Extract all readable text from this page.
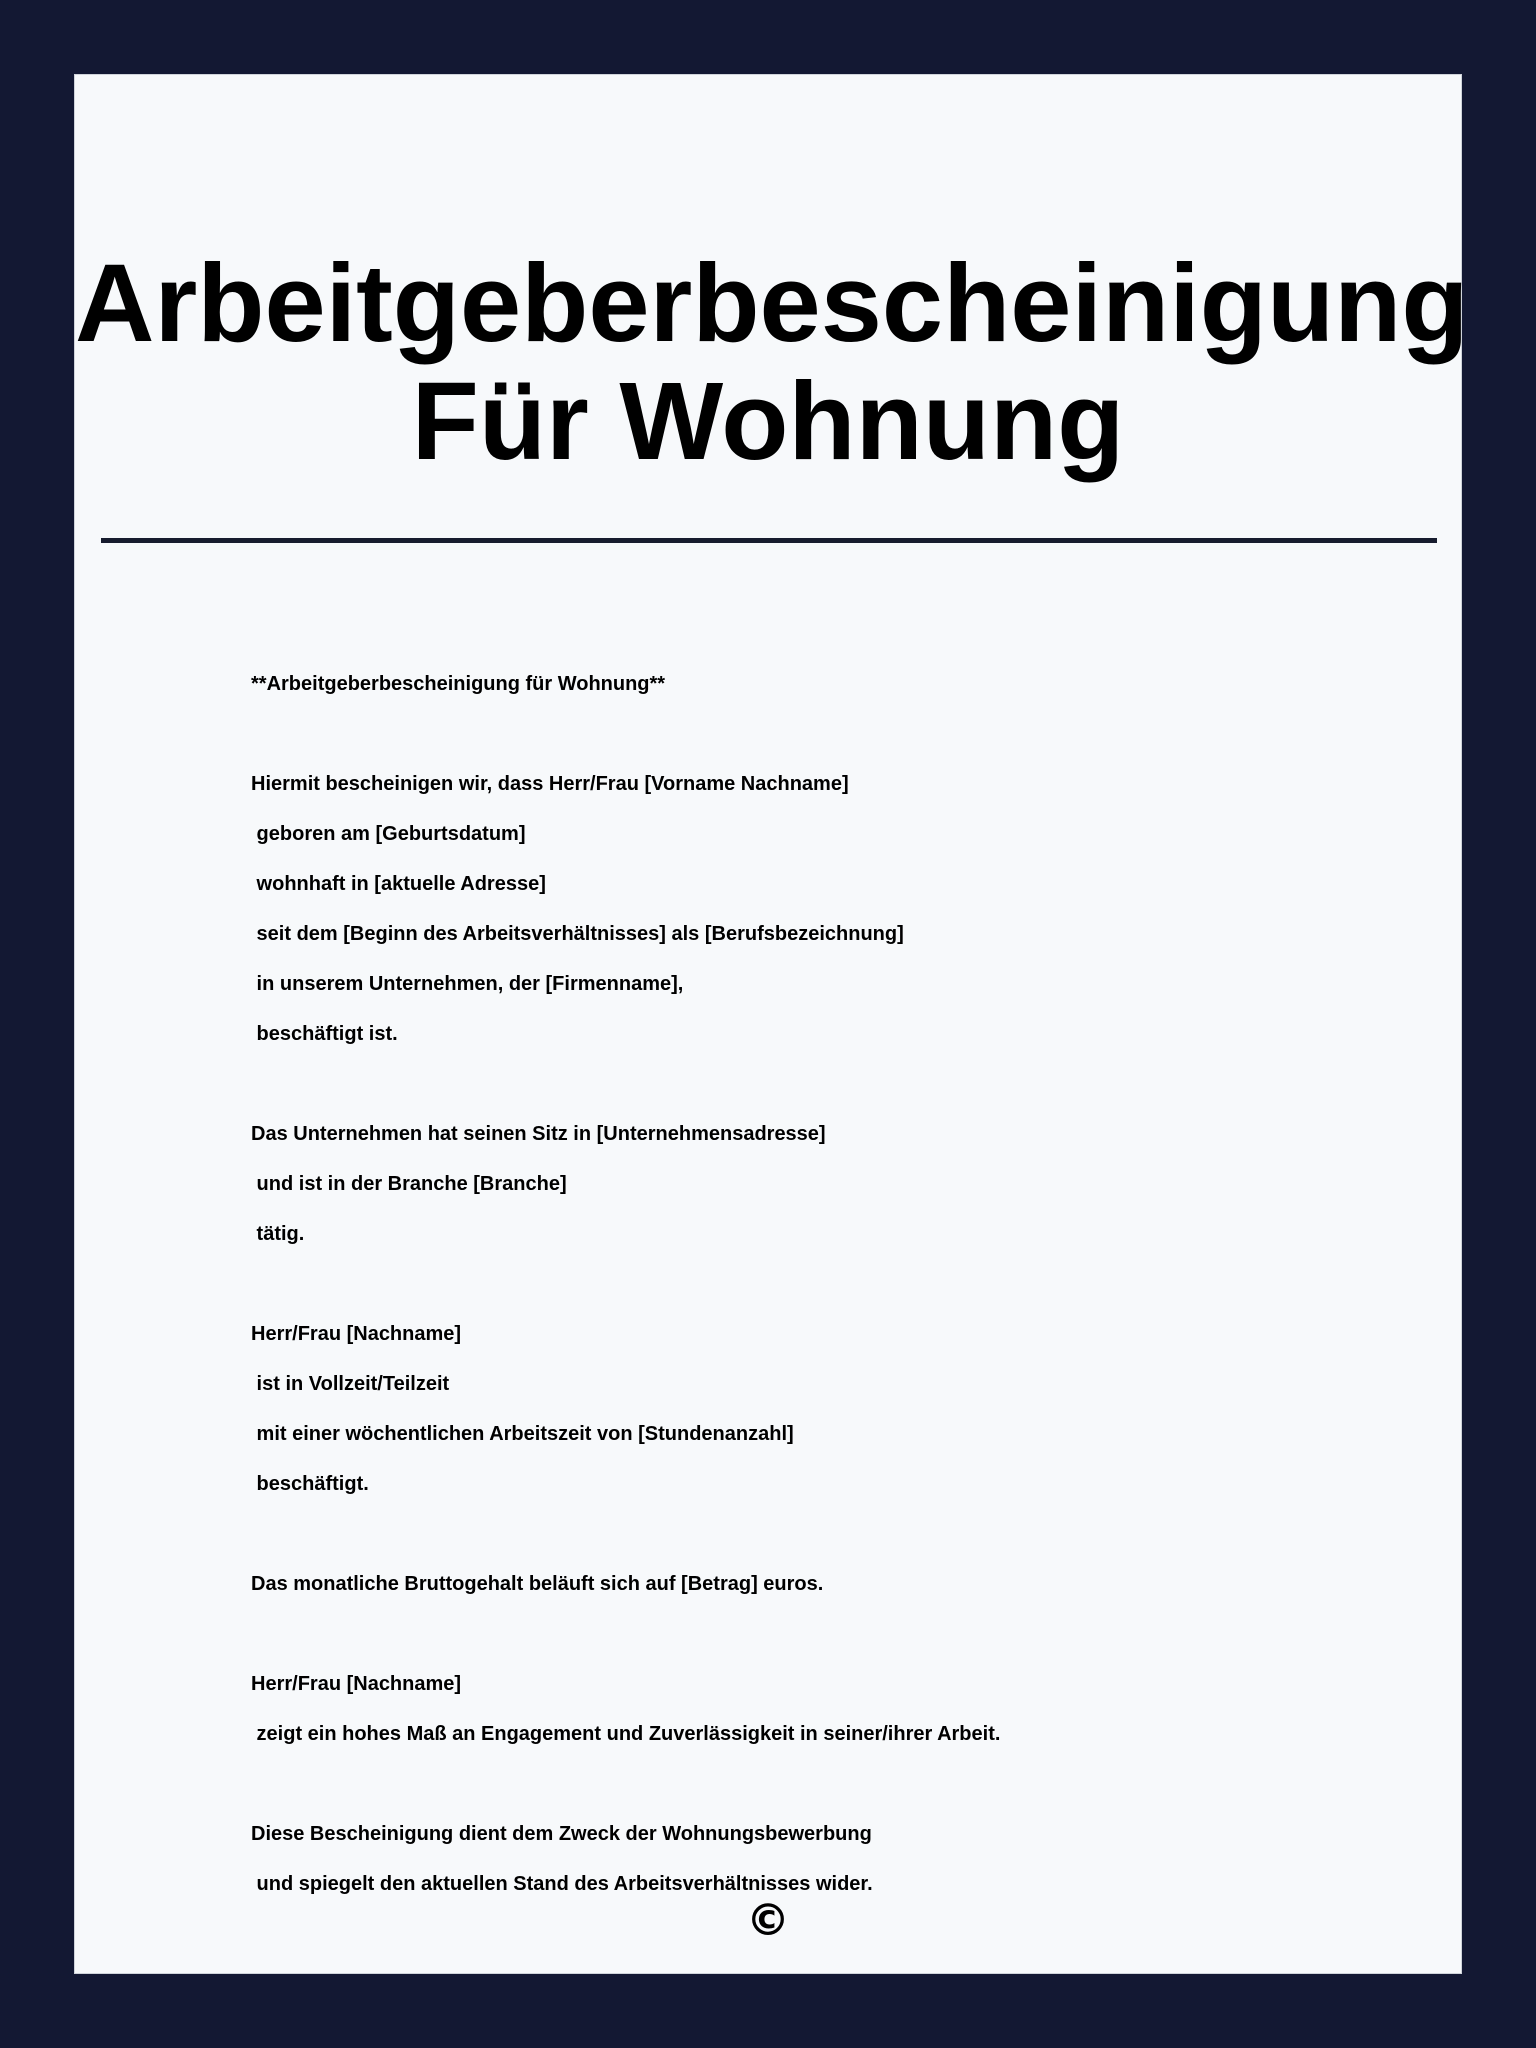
Arbeitgeberbescheinigung
Für Wohnung

**Arbeitgeberbescheinigung für Wohnung**

Hiermit bescheinigen wir, dass Herr/Frau [Vorname Nachname]

geboren am [Geburtsdatum]

wohnhaft in [aktuelle Adresse]

seit dem [Beginn des Arbeitsverhältnisses] als [Berufsbezeichnung]

in unserem Unternehmen, der [Firmenname],

beschäftigt ist.

Das Unternehmen hat seinen Sitz in [Unternehmensadresse]

und ist in der Branche [Branche]

tätig.

Herr/Frau [Nachname]

ist in Vollzeit/Teilzeit

mit einer wöchentlichen Arbeitszeit von [Stundenanzahl]

beschäftigt.

Das monatliche Bruttogehalt beläuft sich auf [Betrag] euros.

Herr/Frau [Nachname]

zeigt ein hohes Maß an Engagement und Zuverlässigkeit in seiner/ihrer Arbeit.

Diese Bescheinigung dient dem Zweck der Wohnungsbewerbung

und spiegelt den aktuellen Stand des Arbeitsverhältnisses wider.

©
